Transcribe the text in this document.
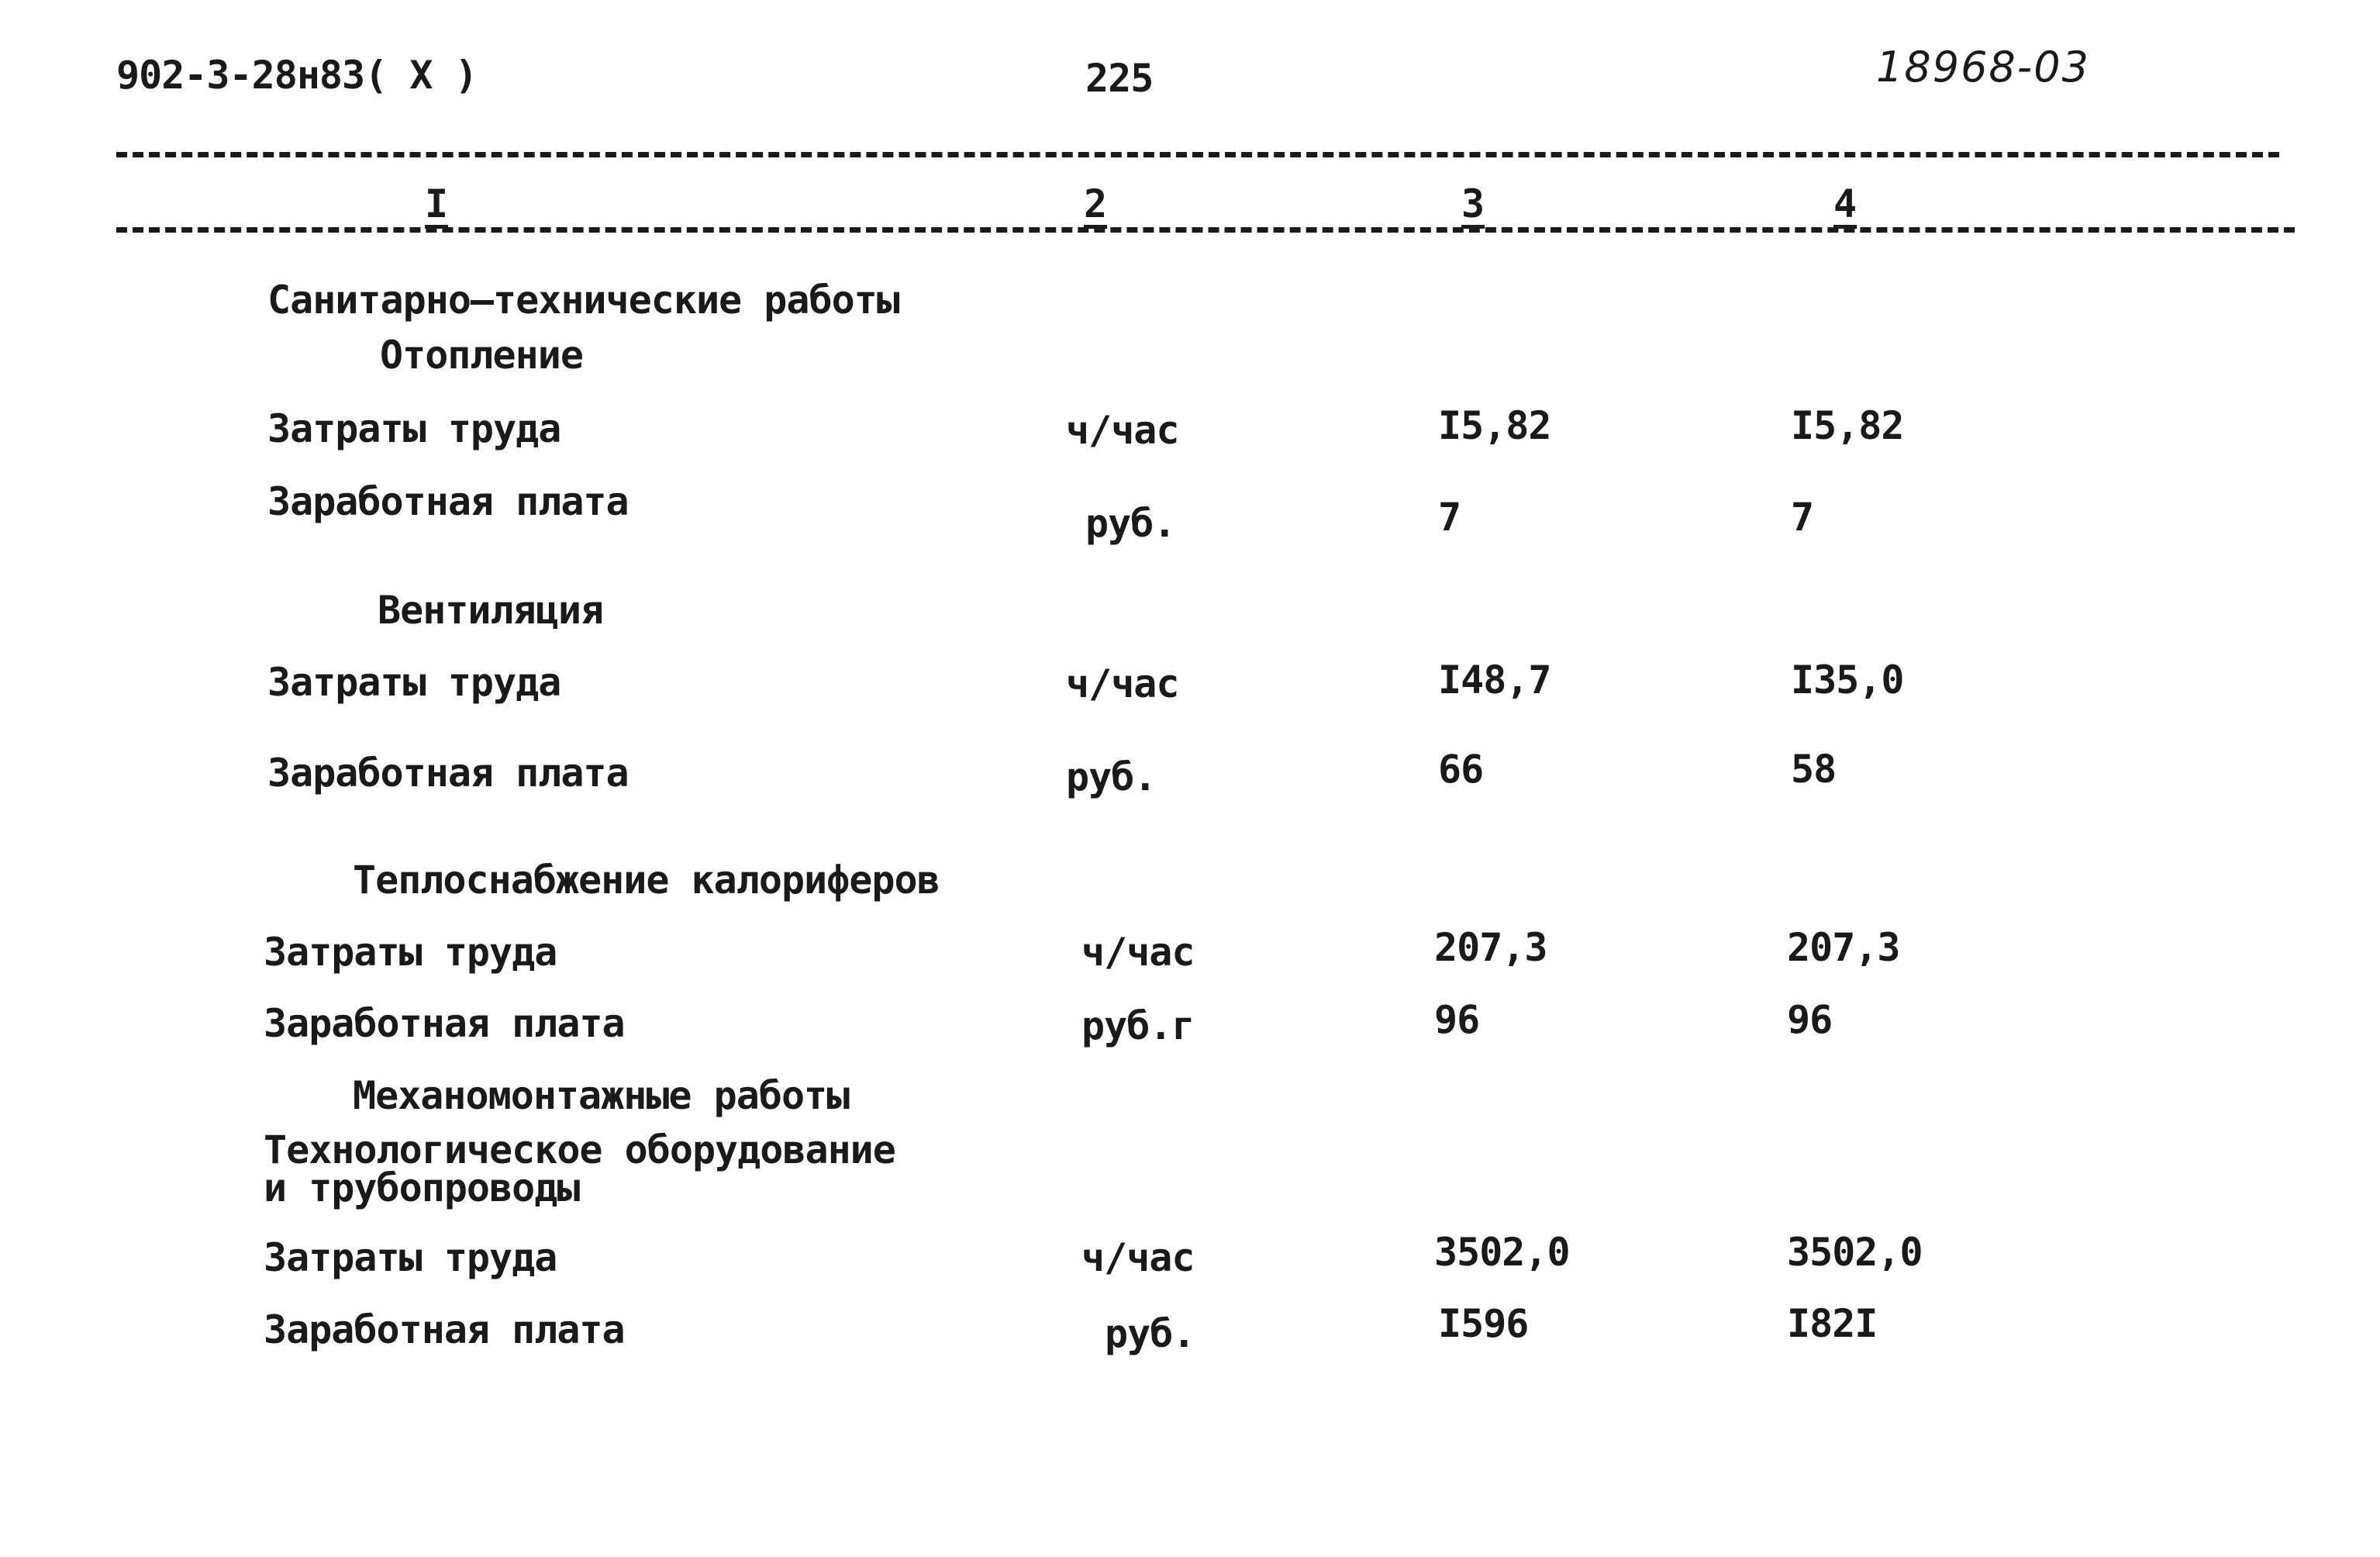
902-3-28н83( X )	225	18968-03
I	2	3	4
Санитарно–технические работы
Отопление
Затраты труда	ч/час	I5,82	I5,82
Заработная плата	руб.	7	7
Вентиляция
Затраты труда	ч/час	I48,7	I35,0
Заработная плата	руб.	66	58
Теплоснабжение калориферов
Затраты труда	ч/час	207,3	207,3
Заработная плата	руб.г	96	96
Механомонтажные работы
Технологическое оборудование
и трубопроводы
Затраты труда	ч/час	3502,0	3502,0
Заработная плата	руб.	I596	I82I
